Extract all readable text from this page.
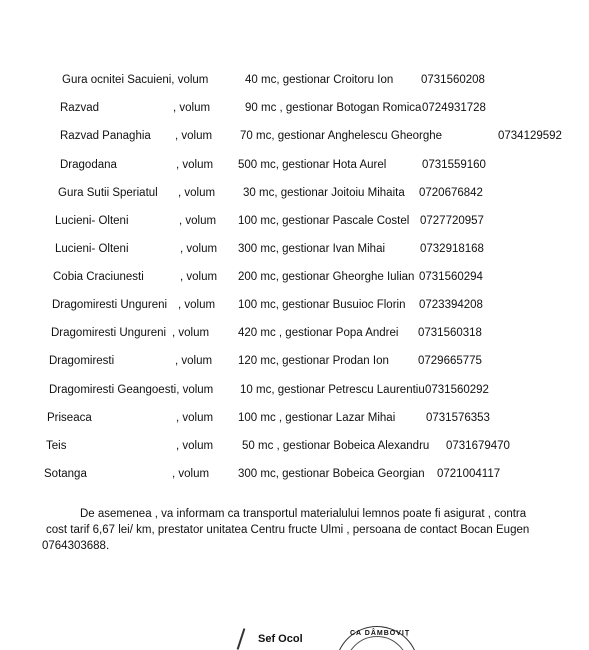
Gura ocnitei Sacuieni, volum	40 mc, gestionar Croitoru Ion 0731560208
Razvad	, volum	90 mc , gestionar Botogan Romica 0724931728
Razvad Panaghia , volum 70 mc, gestionar Anghelescu Gheorghe	0734129592
Dragodana	, volum 500 mc, gestionar Hota Aurel	0731559160
Gura Sutii Speriatul , volum 30 mc, gestionar Joitoiu Mihaita 0720676842
Lucieni- Olteni	, volum 100 mc, gestionar Pascale Costel 0727720957
Lucieni- Olteni	, volum 300 mc, gestionar Ivan Mihai	0732918168
Cobia Craciunesti	, volum 200 mc, gestionar Gheorghe Iulian 0731560294
Dragomiresti Ungureni , volum 100 mc, gestionar Busuioc Florin 0723394208
Dragomiresti Ungureni , volum	420 mc , gestionar Popa Andrei 0731560318
Dragomiresti	, volum 120 mc, gestionar Prodan Ion	0729665775
Dragomiresti Geangoesti, volum 10 mc, gestionar Petrescu Laurentiu 0731560292
Priseaca	, volum 100 mc , gestionar Lazar Mihai	0731576353
Teis	, volum	50 mc , gestionar Bobeica Alexandru 0731679470
Sotanga	, volum	300 mc, gestionar Bobeica Georgian 0721004117
De asemenea , va informam ca transportul materialului lemnos poate fi asigurat , contra
cost tarif 6,67 lei/ km, prestator unitatea Centru fructe Ulmi , persoana de contact Bocan Eugen
0764303688.
Sef Ocol	CA DÂMBOVIȚ
